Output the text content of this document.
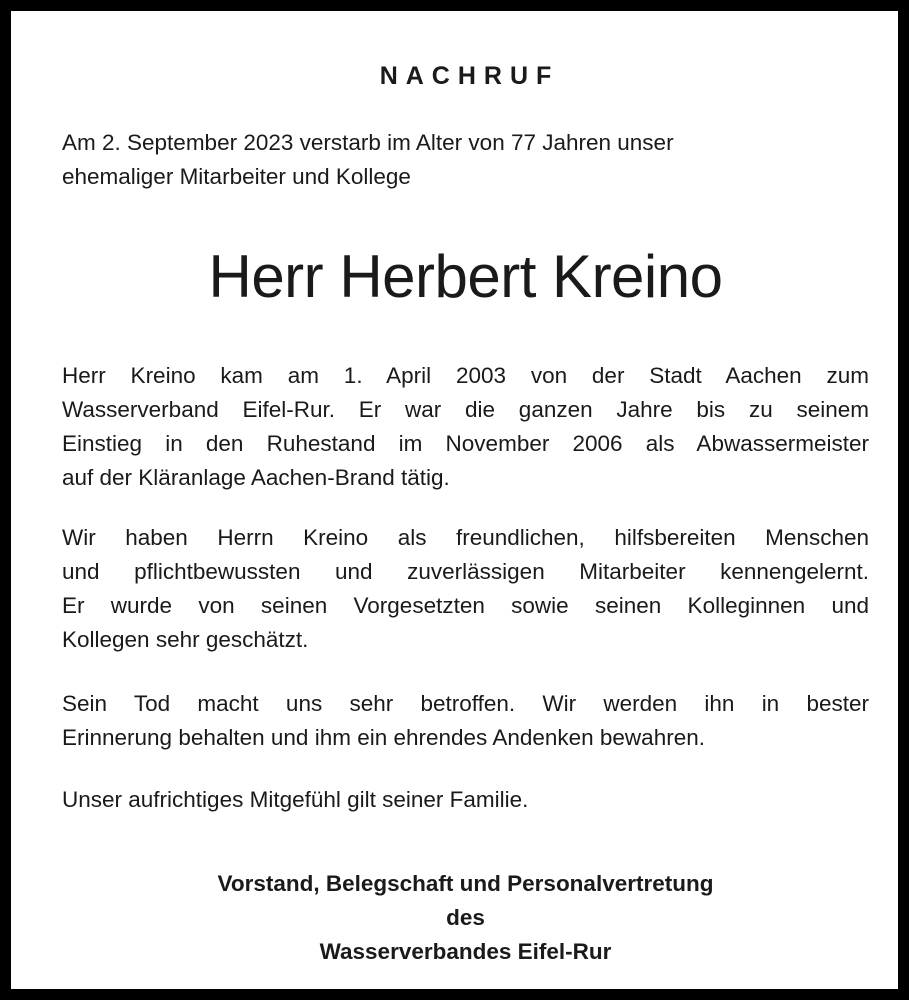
NACHRUF
Am 2. September 2023 verstarb im Alter von 77 Jahren unser
ehemaliger Mitarbeiter und Kollege
Herr Herbert Kreino
Herr Kreino kam am 1. April 2003 von der Stadt Aachen zum
Wasserverband Eifel-Rur. Er war die ganzen Jahre bis zu seinem
Einstieg in den Ruhestand im November 2006 als Abwassermeister
auf der Kläranlage Aachen-Brand tätig.
Wir haben Herrn Kreino als freundlichen, hilfsbereiten Menschen
und pflichtbewussten und zuverlässigen Mitarbeiter kennengelernt.
Er wurde von seinen Vorgesetzten sowie seinen Kolleginnen und
Kollegen sehr geschätzt.
Sein Tod macht uns sehr betroffen. Wir werden ihn in bester
Erinnerung behalten und ihm ein ehrendes Andenken bewahren.
Unser aufrichtiges Mitgefühl gilt seiner Familie.
Vorstand, Belegschaft und Personalvertretung
des
Wasserverbandes Eifel-Rur
